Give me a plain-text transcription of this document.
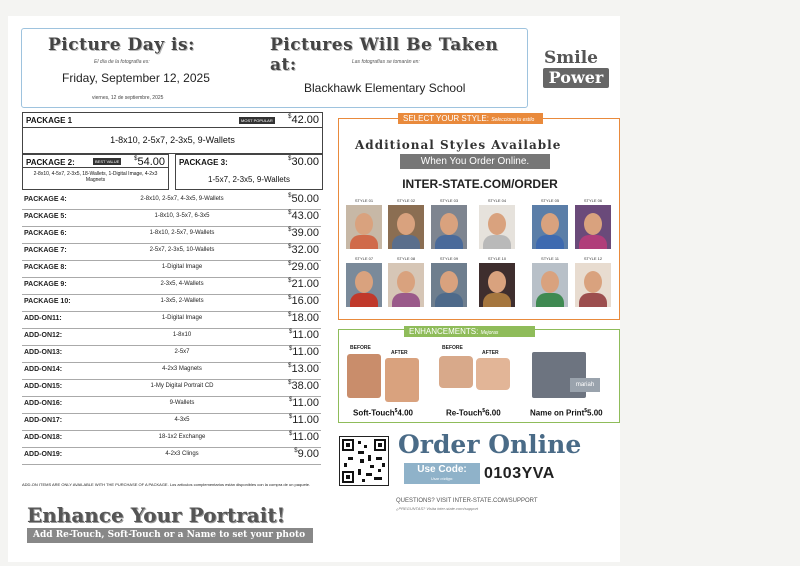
Picture Day is:
El día de la fotografía es:
Friday, September 12, 2025
viernes, 12 de septiembre, 2025
Pictures Will Be Taken at:	Las fotografías se tomarán en:
Blackhawk Elementary School
Smile
Power
PACKAGE 1	MOST POPULAR
$42.00
1-8x10, 2-5x7, 2-3x5, 9-Wallets
PACKAGE 2:	BEST VALUE	$54.00
2-8x10, 4-5x7, 2-3x5, 18-Wallets, 1-Digital Image, 4-2x3 Magnets
PACKAGE 3:	$30.00
1-5x7, 2-3x5, 9-Wallets
PACKAGE 4:	2-8x10, 2-5x7, 4-3x5, 9-Wallets	$50.00
PACKAGE 5:	1-8x10, 3-5x7, 6-3x5	$43.00
PACKAGE 6:	1-8x10, 2-5x7, 9-Wallets	$39.00
PACKAGE 7:	2-5x7, 2-3x5, 10-Wallets	$32.00
PACKAGE 8:	1-Digital Image	$29.00
PACKAGE 9:	2-3x5, 4-Wallets	$21.00
PACKAGE 10:	1-3x5, 2-Wallets	$16.00
ADD-ON 11:	1-Digital Image	$18.00
ADD-ON 12:	1-8x10	$11.00
ADD-ON 13:	2-5x7	$11.00
ADD-ON 14:	4-2x3 Magnets	$13.00
ADD-ON 15:	1-My Digital Portrait CD	$38.00
ADD-ON 16:	9-Wallets	$11.00
ADD-ON 17:	4-3x5	$11.00
ADD-ON 18:	18-1x2 Exchange	$11.00
ADD-ON 19:	4-2x3 Clings	$9.00
ADD-ON ITEMS ARE ONLY AVAILABLE WITH THE PURCHASE OF A PACKAGE. Los artículos complementarios están disponibles con la compra de un paquete.
Enhance Your Portrait!
Add Re-Touch, Soft-Touch or a Name to set your photo apart.
SELECT YOUR STYLE: Selecciona tu estilo
Additional Styles Available
When You Order Online.
INTER-STATE.COM/ORDER
STYLE 01	STYLE 02	STYLE 03	STYLE 04	STYLE 05	STYLE 06
STYLE 07	STYLE 08	STYLE 09	STYLE 10	STYLE 11	STYLE 12
ENHANCEMENTS: Mejoras
BEFORE
AFTER
Soft-Touch$4.00
BEFORE
AFTER
Re-Touch$6.00
mariah
Name on Print$5.00
Order Online
Use Code:
Usar código:	0103YVA
QUESTIONS? VISIT INTER-STATE.COM/SUPPORT
¿PREGUNTAS? Visita inter-state.com/support
